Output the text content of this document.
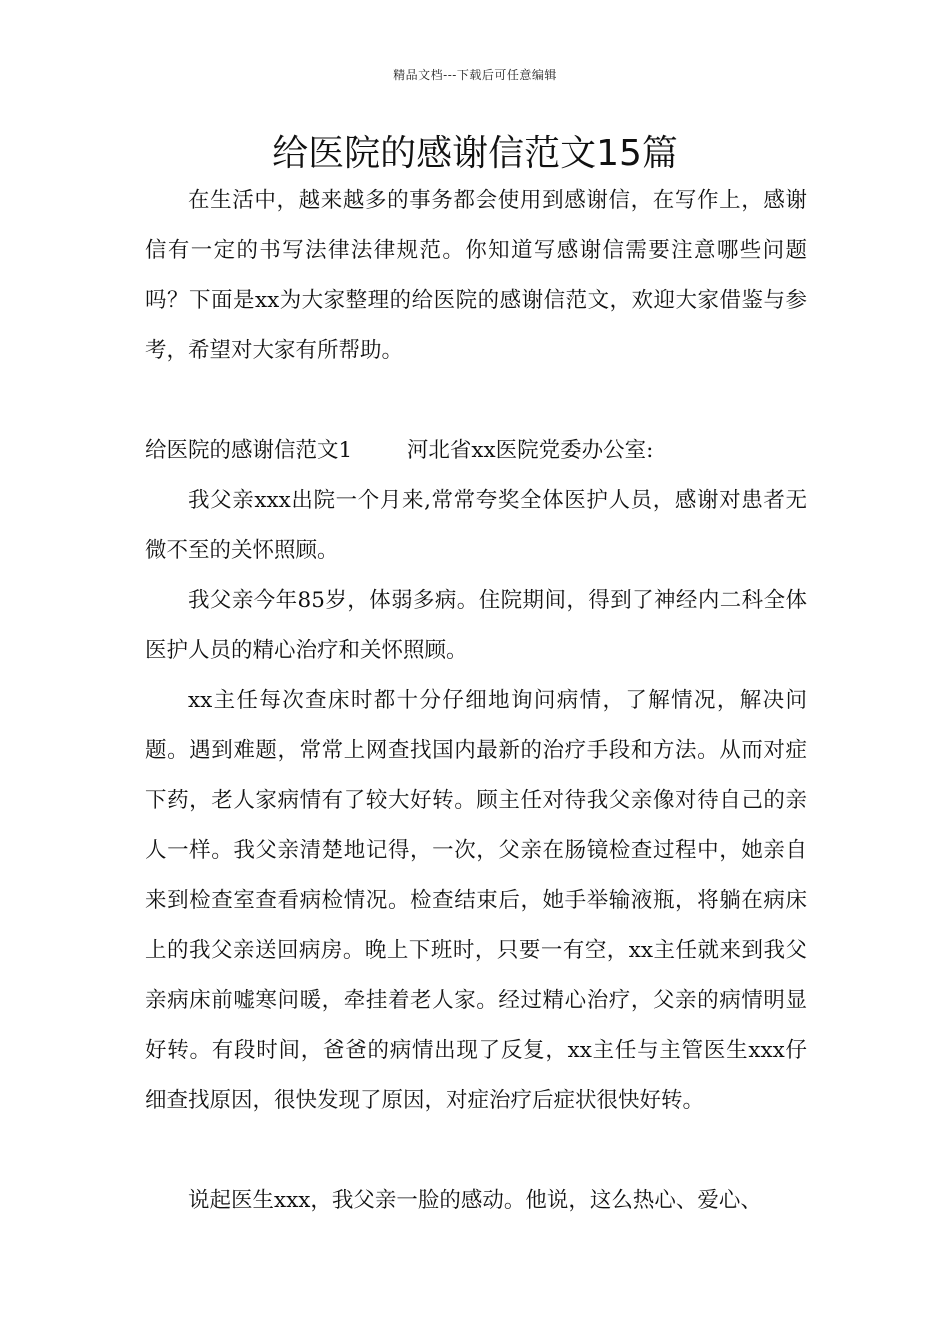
精品文档---下载后可任意编辑
给医院的感谢信范文15篇

在生活中，越来越多的事务都会使用到感谢信，在写作上，感谢信有一定的书写法律法律规范。你知道写感谢信需要注意哪些问题吗？下面是xx为大家整理的给医院的感谢信范文，欢迎大家借鉴与参考，希望对大家有所帮助。

给医院的感谢信范文1	河北省xx医院党委办公室:

我父亲xxx出院一个月来,常常夸奖全体医护人员，感谢对患者无微不至的关怀照顾。

我父亲今年85岁，体弱多病。住院期间，得到了神经内二科全体医护人员的精心治疗和关怀照顾。

xx主任每次查床时都十分仔细地询问病情，了解情况，解决问题。遇到难题，常常上网查找国内最新的治疗手段和方法。从而对症下药，老人家病情有了较大好转。顾主任对待我父亲像对待自己的亲人一样。我父亲清楚地记得，一次，父亲在肠镜检查过程中，她亲自来到检查室查看病检情况。检查结束后，她手举输液瓶，将躺在病床上的我父亲送回病房。晚上下班时，只要一有空，xx主任就来到我父亲病床前嘘寒问暖，牵挂着老人家。经过精心治疗，父亲的病情明显好转。有段时间，爸爸的病情出现了反复，xx主任与主管医生xxx仔细查找原因，很快发现了原因，对症治疗后症状很快好转。

说起医生xxx，我父亲一脸的感动。他说，这么热心、爱心、
